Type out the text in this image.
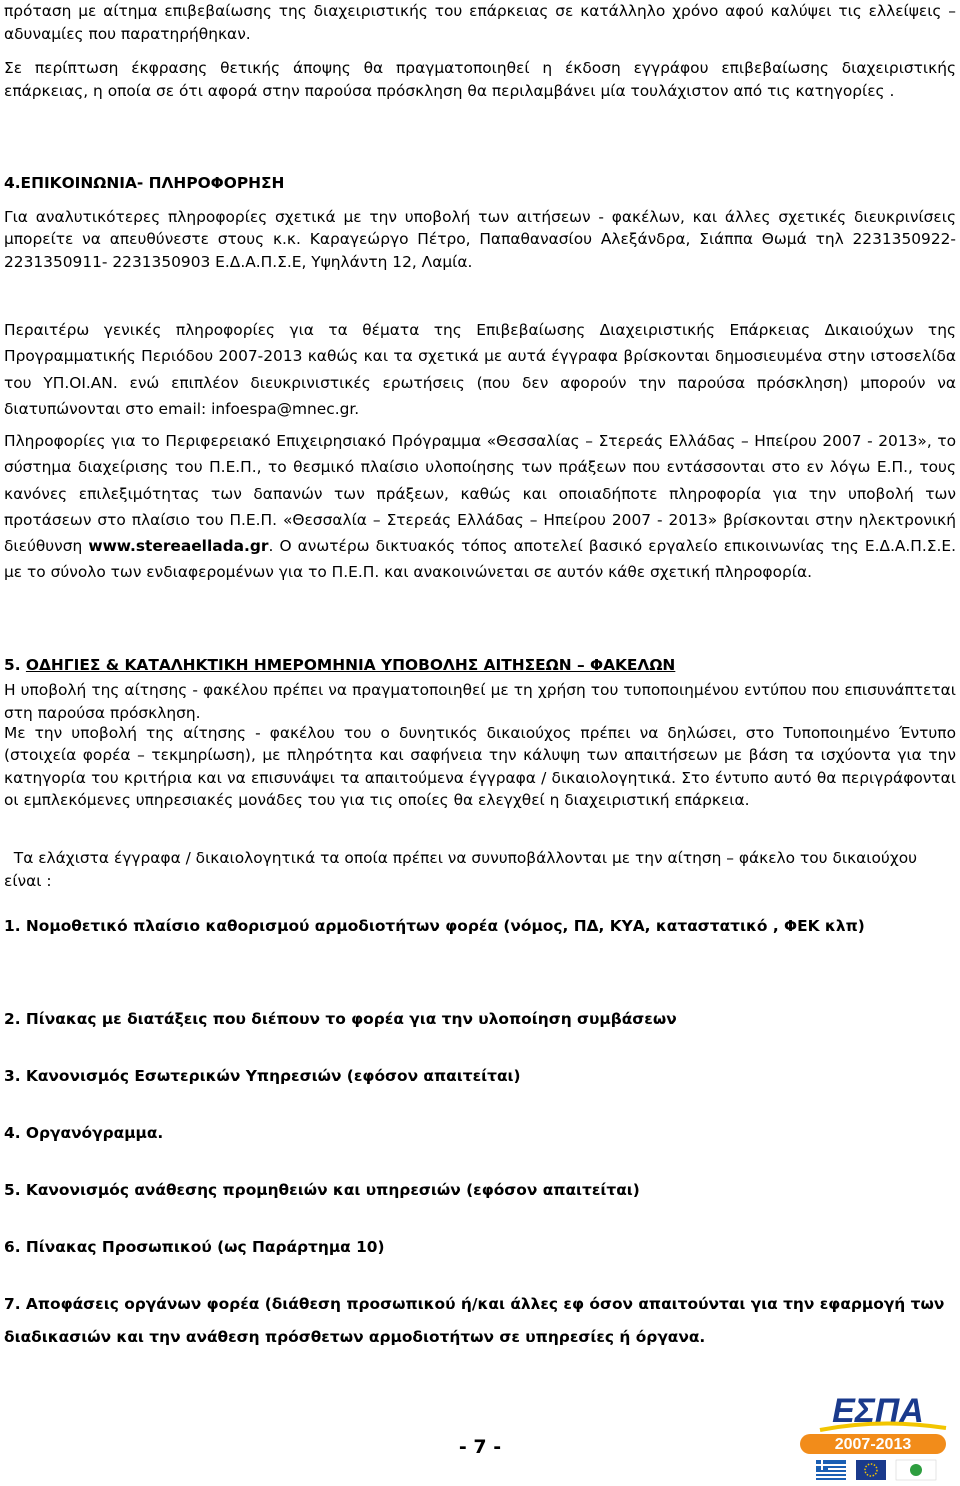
πρόταση με αίτημα επιβεβαίωσης της διαχειριστικής του επάρκειας σε κατάλληλο χρόνο αφού καλύψει τις ελλείψεις – αδυναμίες που παρατηρήθηκαν.

Σε περίπτωση έκφρασης θετικής άποψης θα πραγματοποιηθεί η έκδοση εγγράφου επιβεβαίωσης διαχειριστικής επάρκειας, η οποία σε ότι αφορά στην παρούσα πρόσκληση θα περιλαμβάνει μία τουλάχιστον από τις κατηγορίες .

4.ΕΠΙΚΟΙΝΩΝΙΑ- ΠΛΗΡΟΦΟΡΗΣΗ

Για αναλυτικότερες πληροφορίες σχετικά με την υποβολή των αιτήσεων - φακέλων, και άλλες σχετικές διευκρινίσεις μπορείτε να απευθύνεστε στους κ.κ. Καραγεώργο Πέτρο, Παπαθανασίου Αλεξάνδρα, Σιάππα Θωμά τηλ 2231350922-2231350911- 2231350903 Ε.Δ.Α.Π.Σ.Ε, Υψηλάντη 12, Λαμία.

Περαιτέρω γενικές πληροφορίες για τα θέματα της Επιβεβαίωσης Διαχειριστικής Επάρκειας Δικαιούχων της Προγραμματικής Περιόδου 2007-2013 καθώς και τα σχετικά με αυτά έγγραφα βρίσκονται δημοσιευμένα στην ιστοσελίδα του ΥΠ.ΟΙ.ΑΝ. ενώ επιπλέον διευκρινιστικές ερωτήσεις (που δεν αφορούν την παρούσα πρόσκληση) μπορούν να διατυπώνονται στο email: infoespa@mnec.gr.

Πληροφορίες για το Περιφερειακό Επιχειρησιακό Πρόγραμμα «Θεσσαλίας – Στερεάς Ελλάδας – Ηπείρου 2007 - 2013», το σύστημα διαχείρισης του Π.Ε.Π., το θεσμικό πλαίσιο υλοποίησης των πράξεων που εντάσσονται στο εν λόγω Ε.Π., τους κανόνες επιλεξιμότητας των δαπανών των πράξεων, καθώς και οποιαδήποτε πληροφορία για την υποβολή των προτάσεων στο πλαίσιο του Π.Ε.Π. «Θεσσαλία – Στερεάς Ελλάδας – Ηπείρου 2007 - 2013» βρίσκονται στην ηλεκτρονική διεύθυνση www.stereaellada.gr. Ο ανωτέρω δικτυακός τόπος αποτελεί βασικό εργαλείο επικοινωνίας της Ε.Δ.Α.Π.Σ.Ε. με το σύνολο των ενδιαφερομένων για το Π.Ε.Π. και ανακοινώνεται σε αυτόν κάθε σχετική πληροφορία.

5. ΟΔΗΓΙΕΣ & ΚΑΤΑΛΗΚΤΙΚΗ ΗΜΕΡΟΜΗΝΙΑ ΥΠΟΒΟΛΗΣ ΑΙΤΗΣΕΩΝ – ΦΑΚΕΛΩΝ

Η υποβολή της αίτησης - φακέλου πρέπει να πραγματοποιηθεί με τη χρήση του τυποποιημένου εντύπου που επισυνάπτεται στη παρούσα πρόσκληση.

Με την υποβολή της αίτησης - φακέλου του ο δυνητικός δικαιούχος πρέπει να δηλώσει, στο Τυποποιημένο Έντυπο (στοιχεία φορέα – τεκμηρίωση), με πληρότητα και σαφήνεια την κάλυψη των απαιτήσεων με βάση τα ισχύοντα για την κατηγορία του κριτήρια και να επισυνάψει τα απαιτούμενα έγγραφα / δικαιολογητικά. Στο έντυπο αυτό θα περιγράφονται οι εμπλεκόμενες υπηρεσιακές μονάδες του για τις οποίες θα ελεγχθεί η διαχειριστική επάρκεια.

Τα ελάχιστα έγγραφα / δικαιολογητικά τα οποία πρέπει να συνυποβάλλονται με την αίτηση – φάκελο του δικαιούχου είναι :

1. Νομοθετικό πλαίσιο καθορισμού αρμοδιοτήτων φορέα (νόμος, ΠΔ, ΚΥΑ, καταστατικό , ΦΕΚ κλπ)

2. Πίνακας με διατάξεις που διέπουν το φορέα για την υλοποίηση συμβάσεων

3. Κανονισμός Εσωτερικών Υπηρεσιών (εφόσον απαιτείται)

4. Οργανόγραμμα.

5. Κανονισμός ανάθεσης προμηθειών και υπηρεσιών (εφόσον απαιτείται)

6. Πίνακας Προσωπικού (ως Παράρτημα 10)

7. Αποφάσεις οργάνων φορέα (διάθεση προσωπικού ή/και άλλες εφ όσον απαιτούνται για την εφαρμογή των διαδικασιών και την ανάθεση πρόσθετων αρμοδιοτήτων σε υπηρεσίες ή όργανα.

- 7 -
ΕΣΠΑ
2007-2013
